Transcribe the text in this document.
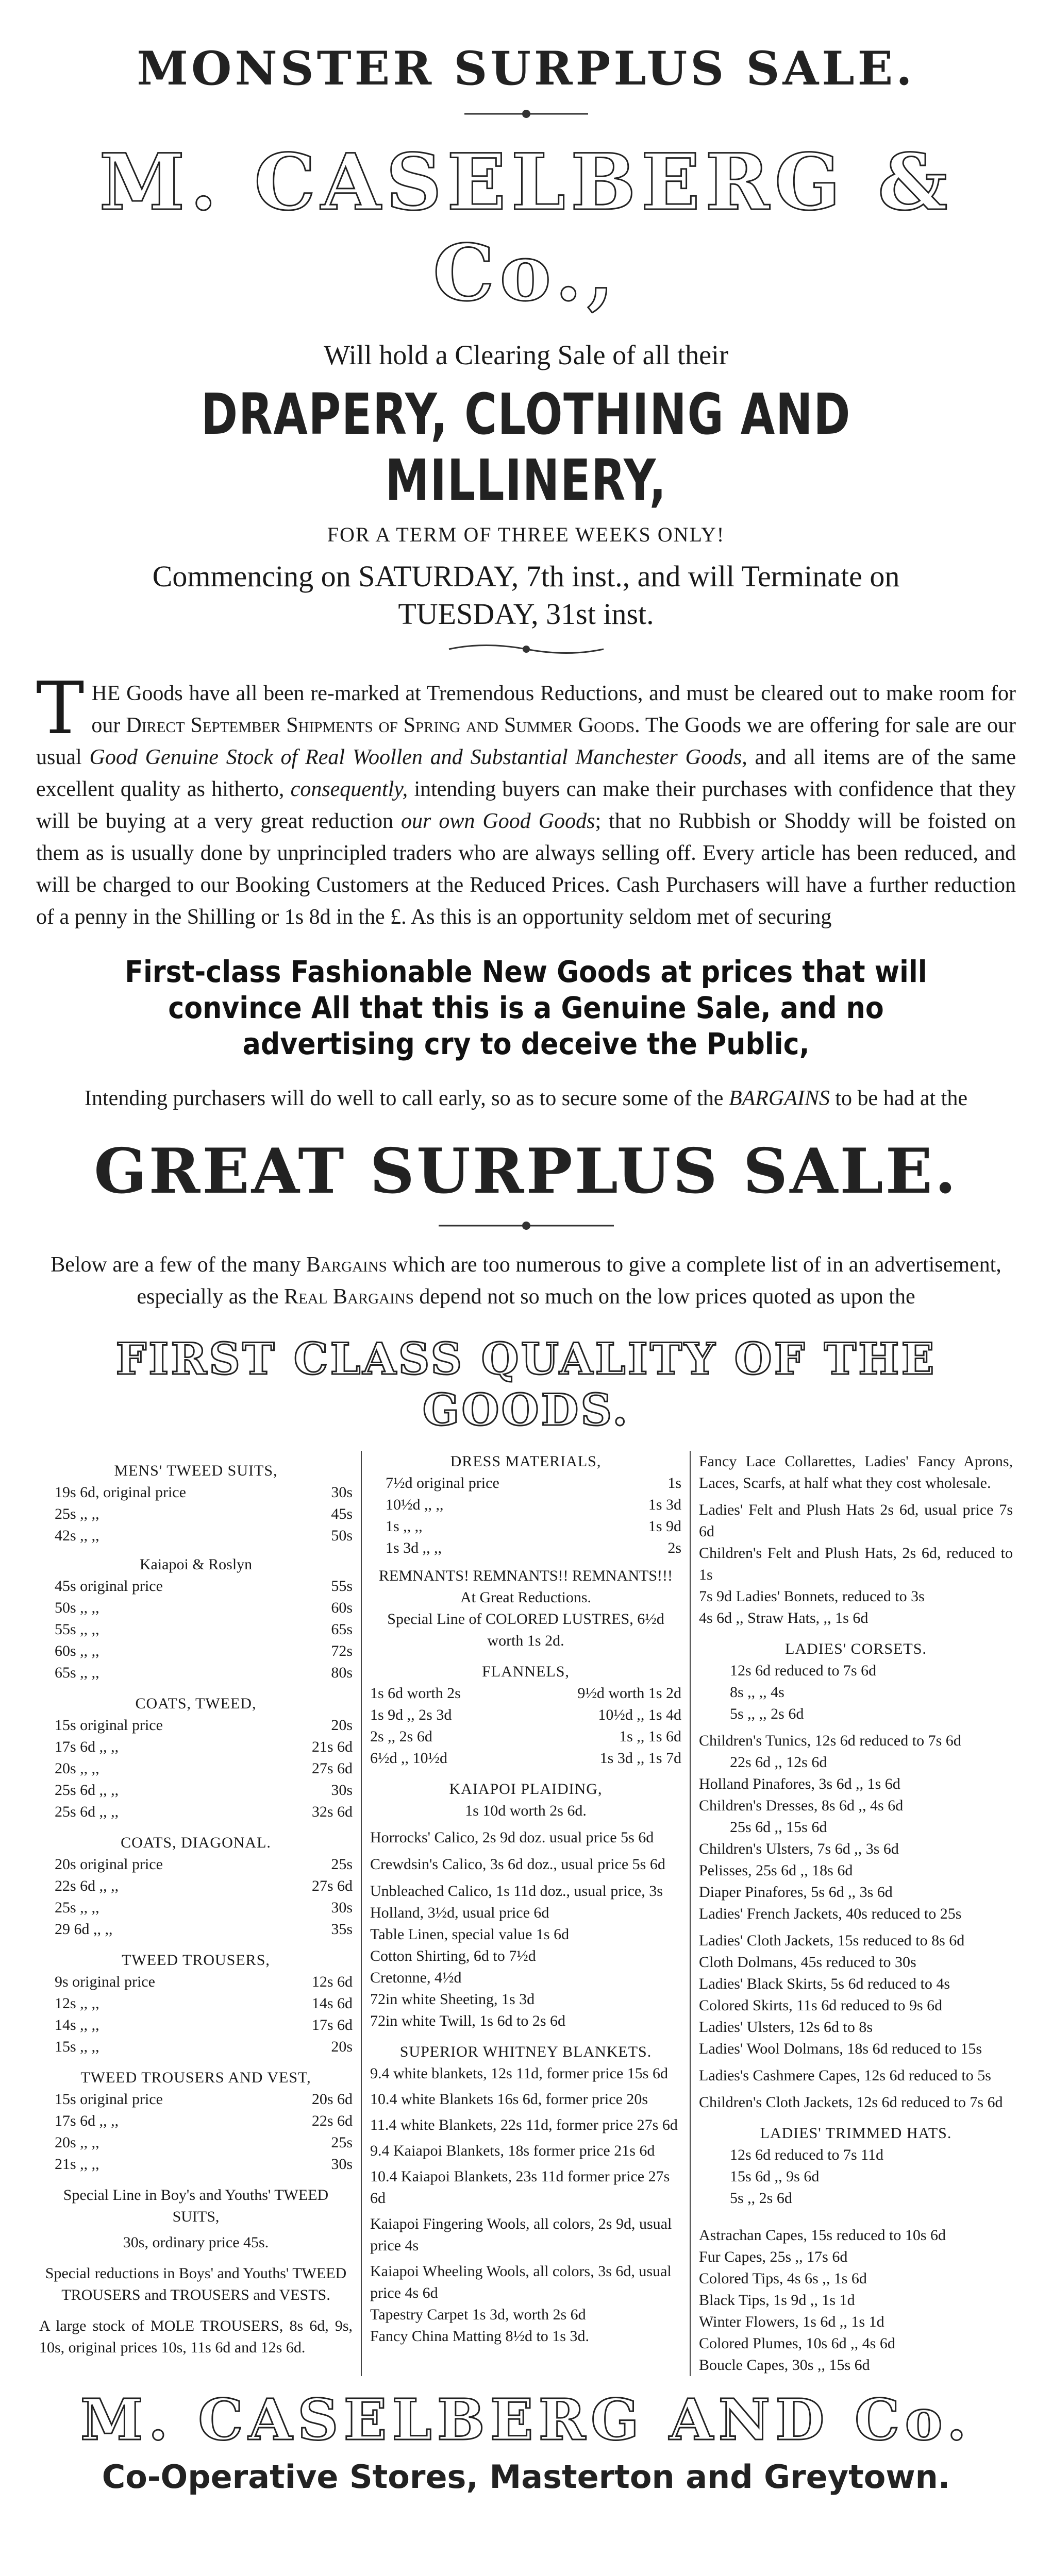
MONSTER SURPLUS SALE.
M. CASELBERG & Co.,
Will hold a Clearing Sale of all their
DRAPERY, CLOTHING AND MILLINERY,
FOR A TERM OF THREE WEEKS ONLY!
Commencing on SATURDAY, 7th inst., and will Terminate on
TUESDAY, 31st inst.
THE Goods have all been re-marked at Tremendous Reductions, and must be cleared out to make room for our Direct September Shipments of Spring and Summer Goods. The Goods we are offering for sale are our usual Good Genuine Stock of Real Woollen and Substantial Manchester Goods, and all items are of the same excellent quality as hitherto, consequently, intending buyers can make their purchases with confidence that they will be buying at a very great reduction our own Good Goods; that no Rubbish or Shoddy will be foisted on them as is usually done by unprincipled traders who are always selling off. Every article has been reduced, and will be charged to our Booking Customers at the Reduced Prices. Cash Purchasers will have a further reduction of a penny in the Shilling or 1s 8d in the £. As this is an opportunity seldom met of securing
First-class Fashionable New Goods at prices that will convince All that this is a Genuine Sale, and no advertising cry to deceive the Public,
Intending purchasers will do well to call early, so as to secure some of the BARGAINS to be had at the
GREAT SURPLUS SALE.
Below are a few of the many Bargains which are too numerous to give a complete list of in an advertisement, especially as the Real Bargains depend not so much on the low prices quoted as upon the
FIRST CLASS QUALITY OF THE GOODS.
MENS' TWEED SUITS,
19s 6d, original price	30s
25s ,, ,,	45s
42s ,, ,,	50s
Kaiapoi & Roslyn
45s original price	55s
50s ,, ,,	60s
55s ,, ,,	65s
60s ,, ,,	72s
65s ,, ,,	80s
COATS, TWEED,
15s original price	20s
17s 6d ,, ,,	21s 6d
20s ,, ,,	27s 6d
25s 6d ,, ,,	30s
25s 6d ,, ,,	32s 6d
COATS, DIAGONAL.
20s original price	25s
22s 6d ,, ,,	27s 6d
25s ,, ,,	30s
29 6d ,, ,,	35s
TWEED TROUSERS,
9s original price	12s 6d
12s ,, ,,	14s 6d
14s ,, ,,	17s 6d
15s ,, ,,	20s
TWEED TROUSERS AND VEST,
15s original price	20s 6d
17s 6d ,, ,,	22s 6d
20s ,, ,,	25s
21s ,, ,,	30s
Special Line in Boy's and Youths' TWEED SUITS,
30s, ordinary price 45s.
Special reductions in Boys' and Youths' TWEED TROUSERS and TROUSERS and VESTS.
A large stock of MOLE TROUSERS, 8s 6d, 9s, 10s, original prices 10s, 11s 6d and 12s 6d.
DRESS MATERIALS,
7½d original price	1s
10½d ,, ,,	1s 3d
1s ,, ,,	1s 9d
1s 3d ,, ,,	2s
REMNANTS! REMNANTS!! REMNANTS!!!
At Great Reductions.
Special Line of COLORED LUSTRES, 6½d worth 1s 2d.
FLANNELS,
1s 6d worth 2s	9½d worth 1s 2d
1s 9d ,, 2s 3d	10½d ,, 1s 4d
2s ,, 2s 6d	1s ,, 1s 6d
6½d ,, 10½d	1s 3d ,, 1s 7d
KAIAPOI PLAIDING,
1s 10d worth 2s 6d.
Horrocks' Calico, 2s 9d doz. usual price 5s 6d
Crewdsin's Calico, 3s 6d doz., usual price 5s 6d
Unbleached Calico, 1s 11d doz., usual price, 3s
Holland, 3½d, usual price 6d
Table Linen, special value 1s 6d
Cotton Shirting, 6d to 7½d
Cretonne, 4½d
72in white Sheeting, 1s 3d
72in white Twill, 1s 6d to 2s 6d
SUPERIOR WHITNEY BLANKETS.
9.4 white blankets, 12s 11d, former price 15s 6d
10.4 white Blankets 16s 6d, former price 20s
11.4 white Blankets, 22s 11d, former price 27s 6d
9.4 Kaiapoi Blankets, 18s former price 21s 6d
10.4 Kaiapoi Blankets, 23s 11d former price 27s 6d
Kaiapoi Fingering Wools, all colors, 2s 9d, usual price 4s
Kaiapoi Wheeling Wools, all colors, 3s 6d, usual price 4s 6d
Tapestry Carpet 1s 3d, worth 2s 6d
Fancy China Matting 8½d to 1s 3d.
Fancy Lace Collarettes, Ladies' Fancy Aprons, Laces, Scarfs, at half what they cost wholesale.
Ladies' Felt and Plush Hats 2s 6d, usual price 7s 6d
Children's Felt and Plush Hats, 2s 6d, reduced to 1s
7s 9d Ladies' Bonnets, reduced to 3s
4s 6d ,, Straw Hats, ,, 1s 6d
LADIES' CORSETS.
12s 6d reduced to 7s 6d
8s ,, ,, 4s
5s ,, ,, 2s 6d
Children's Tunics, 12s 6d reduced to 7s 6d
22s 6d ,, 12s 6d
Holland Pinafores, 3s 6d ,, 1s 6d
Children's Dresses, 8s 6d ,, 4s 6d
25s 6d ,, 15s 6d
Children's Ulsters, 7s 6d ,, 3s 6d
Pelisses, 25s 6d ,, 18s 6d
Diaper Pinafores, 5s 6d ,, 3s 6d
Ladies' French Jackets, 40s reduced to 25s
Ladies' Cloth Jackets, 15s reduced to 8s 6d
Cloth Dolmans, 45s reduced to 30s
Ladies' Black Skirts, 5s 6d reduced to 4s
Colored Skirts, 11s 6d reduced to 9s 6d
Ladies' Ulsters, 12s 6d to 8s
Ladies' Wool Dolmans, 18s 6d reduced to 15s
Ladies's Cashmere Capes, 12s 6d reduced to 5s
Children's Cloth Jackets, 12s 6d reduced to 7s 6d
LADIES' TRIMMED HATS.
12s 6d reduced to 7s 11d
15s 6d ,, 9s 6d
5s ,, 2s 6d
Astrachan Capes, 15s reduced to 10s 6d
Fur Capes, 25s ,, 17s 6d
Colored Tips, 4s 6s ,, 1s 6d
Black Tips, 1s 9d ,, 1s 1d
Winter Flowers, 1s 6d ,, 1s 1d
Colored Plumes, 10s 6d ,, 4s 6d
Boucle Capes, 30s ,, 15s 6d
M. CASELBERG AND Co.
Co-Operative Stores, Masterton and Greytown.
